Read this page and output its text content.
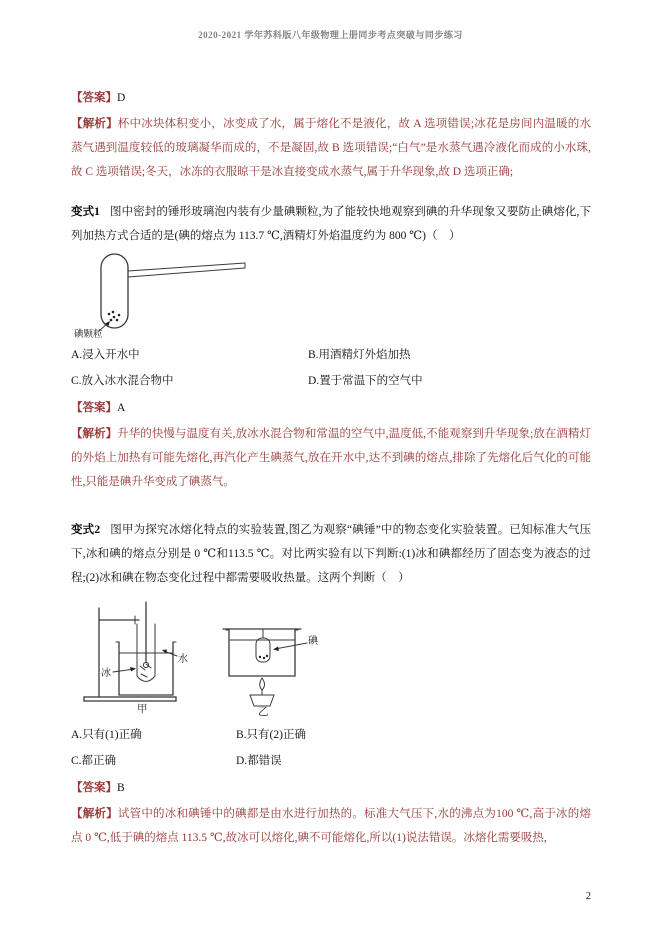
2020-2021 学年苏科版八年级物理上册同步考点突破与同步练习

【答案】D

【解析】杯中冰块体积变小，冰变成了水，属于熔化不是液化，故 A 选项错误;冰花是房间内温暖的水蒸气遇到温度较低的玻璃凝华而成的，不是凝固,故 B 选项错误;“白气”是水蒸气遇冷液化而成的小水珠,故 C 选项错误;冬天，冰冻的衣服晾干是冰直接变成水蒸气,属于升华现象,故 D 选项正确;

变式1 图中密封的锤形玻璃泡内装有少量碘颗粒,为了能较快地观察到碘的升华现象又要防止碘熔化,下列加热方式合适的是(碘的熔点为 113.7 ℃,酒精灯外焰温度约为 800 ℃)（　）

碘颗粒
A.浸入开水中	B.用酒精灯外焰加热
C.放入冰水混合物中	D.置于常温下的空气中

【答案】A

【解析】升华的快慢与温度有关,放冰水混合物和常温的空气中,温度低,不能观察到升华现象;放在酒精灯的外焰上加热有可能先熔化,再汽化产生碘蒸气,放在开水中,达不到碘的熔点,排除了先熔化后气化的可能性,只能是碘升华变成了碘蒸气。

变式2 图甲为探究冰熔化特点的实验装置,图乙为观察“碘锤”中的物态变化实验装置。已知标准大气压下,冰和碘的熔点分别是 0 ℃和113.5 ℃。对比两实验有以下判断:(1)冰和碘都经历了固态变为液态的过程;(2)冰和碘在物态变化过程中都需要吸收热量。这两个判断（　）

冰
水
甲
碘
乙
A.只有(1)正确	B.只有(2)正确
C.都正确	D.都错误

【答案】B

【解析】试管中的冰和碘锤中的碘都是由水进行加热的。标准大气压下,水的沸点为100 ℃,高于冰的熔点 0 ℃,低于碘的熔点 113.5 ℃,故冰可以熔化,碘不可能熔化,所以(1)说法错误。冰熔化需要吸热,

2
